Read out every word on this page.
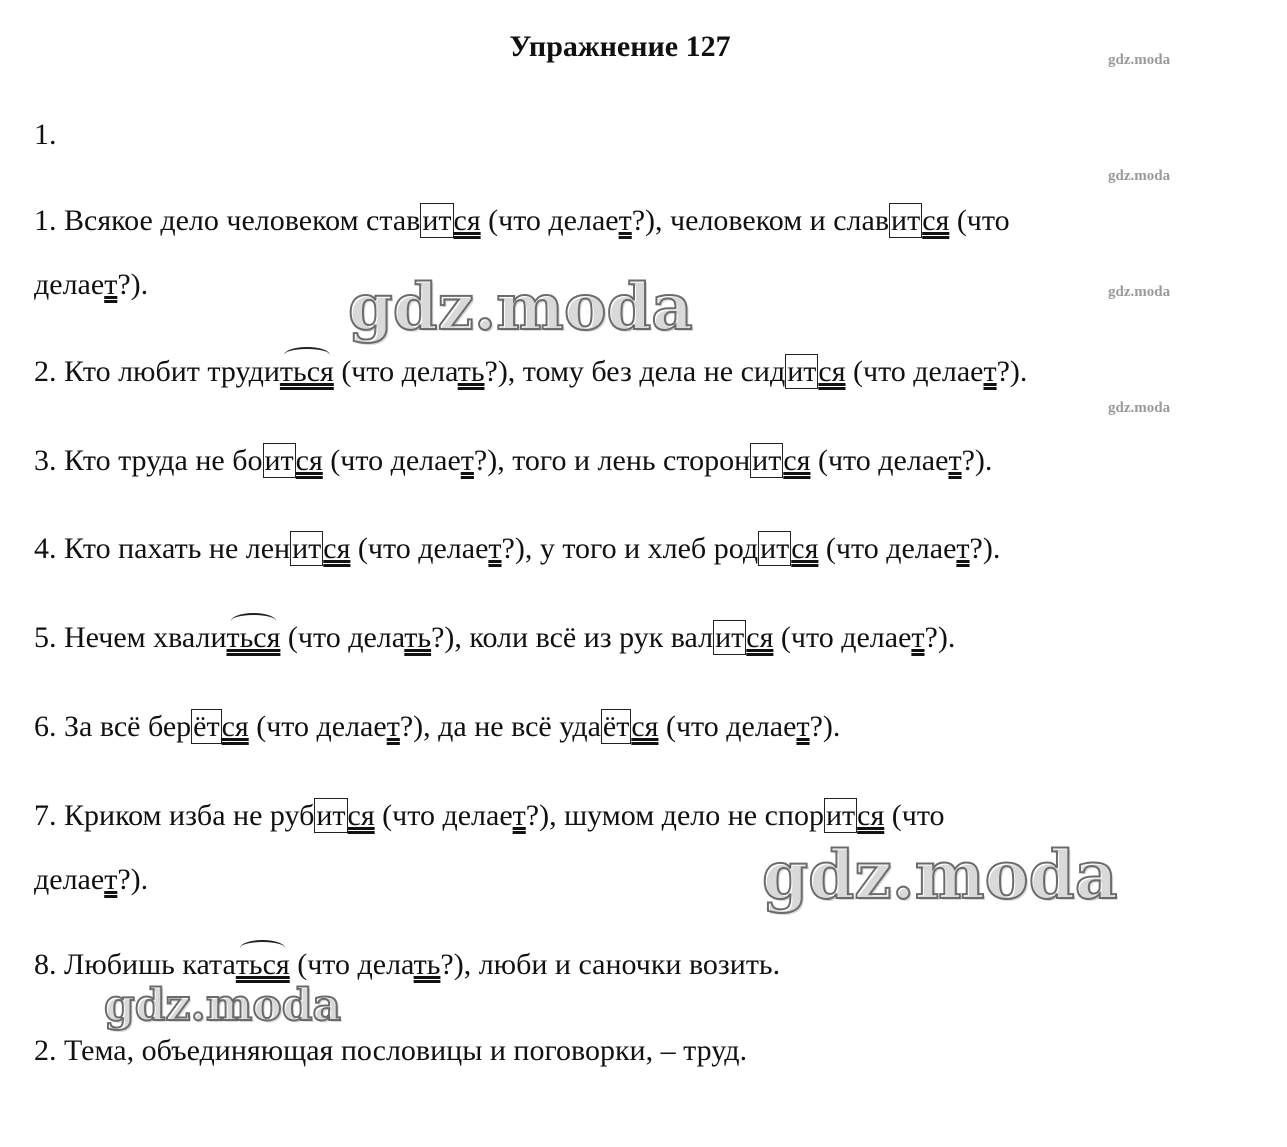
Упражнение 127	gdz.moda
gdz.moda
gdz.moda
gdz.moda
1.
1. Всякое дело человеком ставится (что делает?), человеком и славится (что
делает?).
2. Кто любит трудиться (что делать?), тому без дела не сидится (что делает?).
3. Кто труда не боится (что делает?), того и лень сторонится (что делает?).
4. Кто пахать не ленится (что делает?), у того и хлеб родится (что делает?).
5. Нечем хвалиться (что делать?), коли всё из рук валится (что делает?).
6. За всё берётся (что делает?), да не всё удаётся (что делает?).
7. Криком изба не рубится (что делает?), шумом дело не спорится (что
делает?).
8. Любишь кататься (что делать?), люби и саночки возить.
2. Тема, объединяющая пословицы и поговорки, – труд.
gdz.moda
gdz.moda
gdz.moda
